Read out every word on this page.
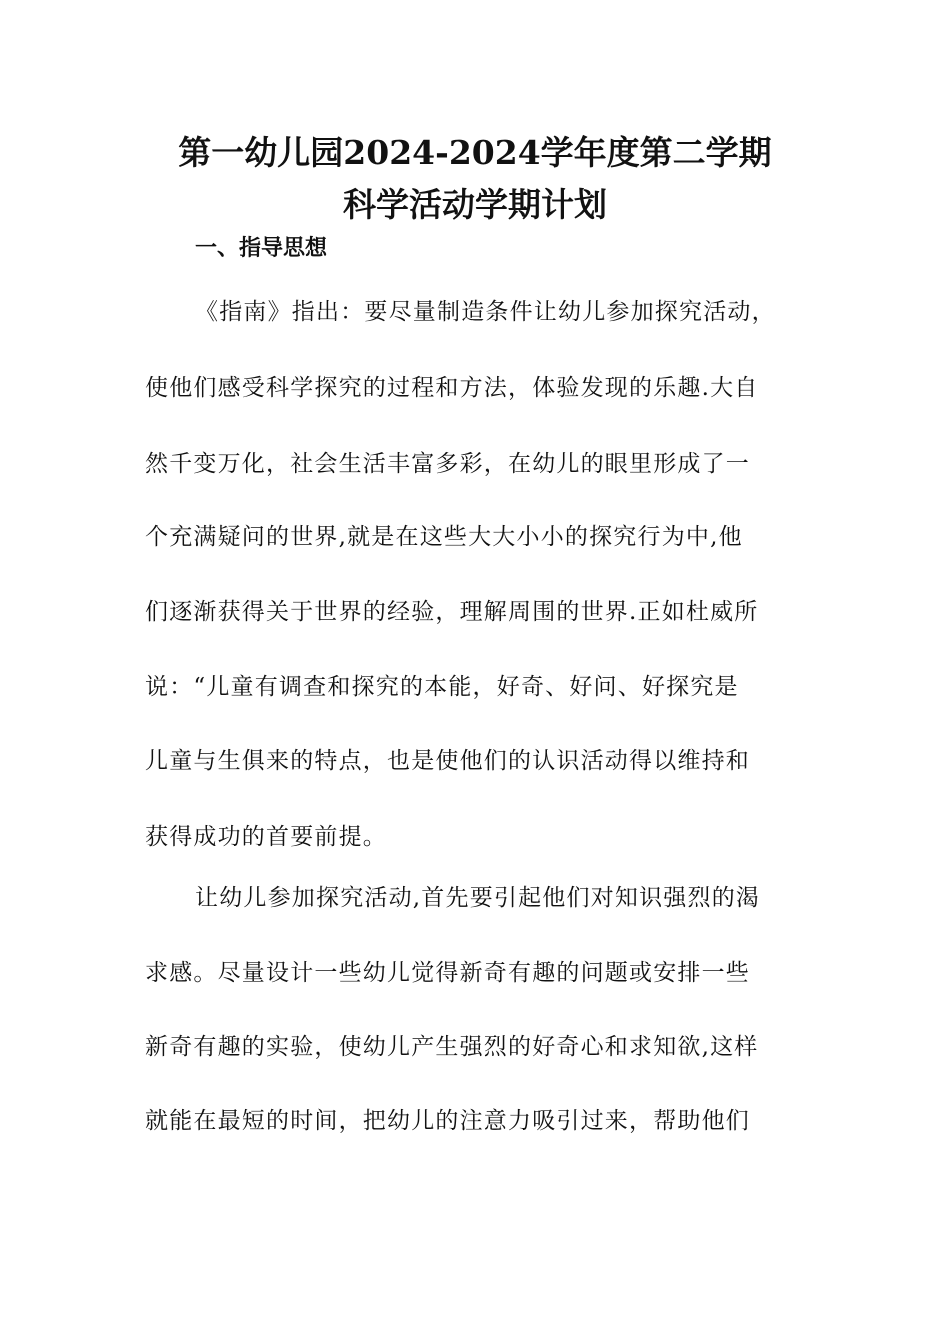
第一幼儿园2024-2024学年度第二学期
科学活动学期计划
一、指导思想
《指南》指出：要尽量制造条件让幼儿参加探究活动，
使他们感受科学探究的过程和方法，体验发现的乐趣.大自
然千变万化，社会生活丰富多彩，在幼儿的眼里形成了一
个充满疑问的世界,就是在这些大大小小的探究行为中,他
们逐渐获得关于世界的经验，理解周围的世界.正如杜威所
说：“儿童有调查和探究的本能，好奇、好问、好探究是
儿童与生俱来的特点，也是使他们的认识活动得以维持和
获得成功的首要前提。
让幼儿参加探究活动,首先要引起他们对知识强烈的渴
求感。尽量设计一些幼儿觉得新奇有趣的问题或安排一些
新奇有趣的实验，使幼儿产生强烈的好奇心和求知欲,这样
就能在最短的时间，把幼儿的注意力吸引过来，帮助他们
